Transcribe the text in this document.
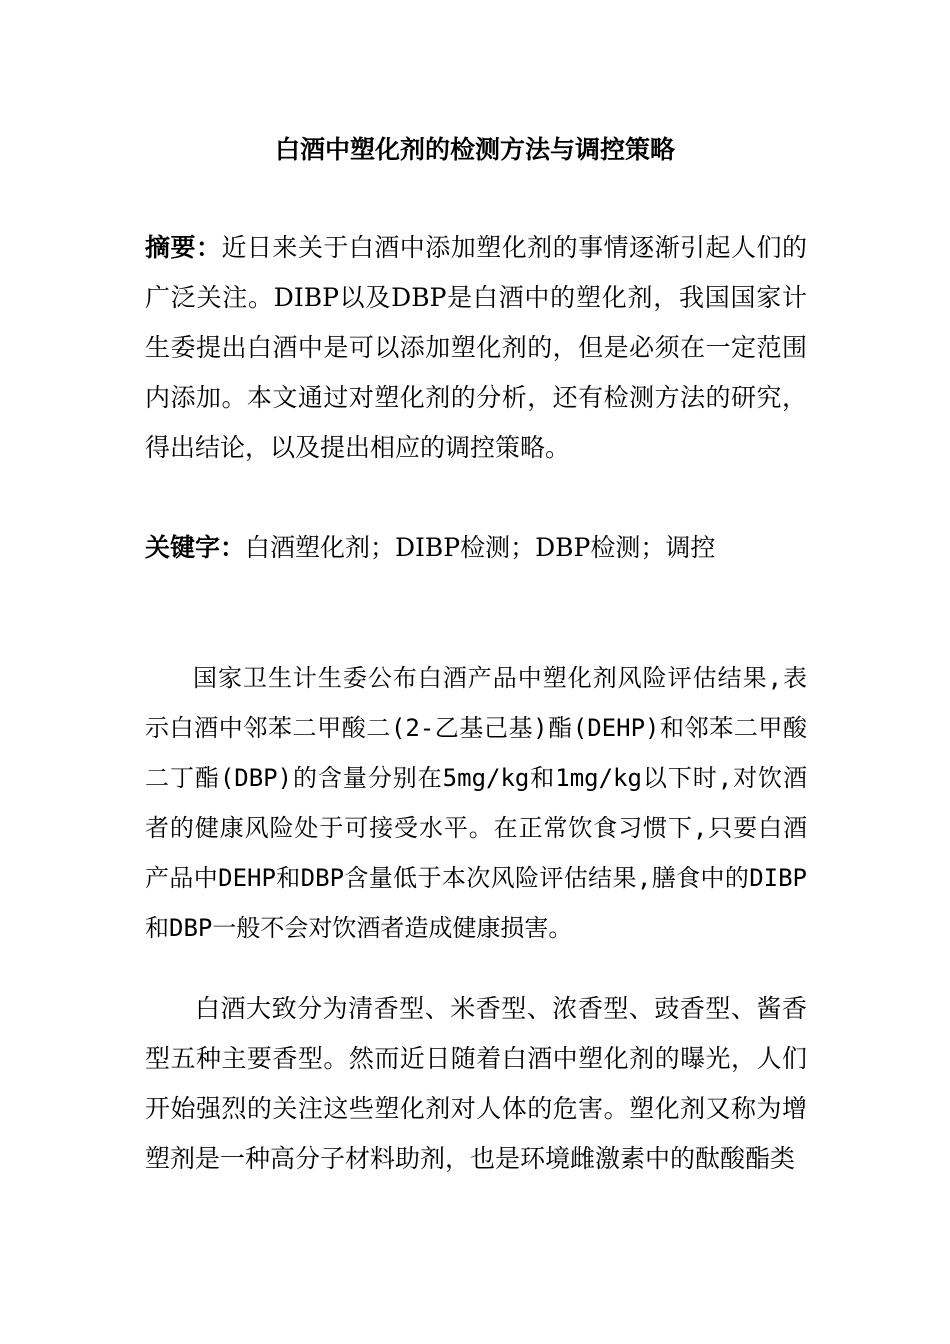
白酒中塑化剂的检测方法与调控策略

摘要：近日来关于白酒中添加塑化剂的事情逐渐引起人们的广泛关注。DIBP以及DBP是白酒中的塑化剂，我国国家计生委提出白酒中是可以添加塑化剂的，但是必须在一定范围内添加。本文通过对塑化剂的分析，还有检测方法的研究，得出结论，以及提出相应的调控策略。

关键字：白酒塑化剂；DIBP检测；DBP检测；调控

国家卫生计生委公布白酒产品中塑化剂风险评估结果,表示白酒中邻苯二甲酸二(2-乙基己基)酯(DEHP)和邻苯二甲酸二丁酯(DBP)的含量分别在5mg/kg和1mg/kg以下时,对饮酒者的健康风险处于可接受水平。在正常饮食习惯下,只要白酒产品中DEHP和DBP含量低于本次风险评估结果,膳食中的DIBP和DBP一般不会对饮酒者造成健康损害。

白酒大致分为清香型、米香型、浓香型、豉香型、酱香型五种主要香型。然而近日随着白酒中塑化剂的曝光，人们开始强烈的关注这些塑化剂对人体的危害。塑化剂又称为增塑剂是一种高分子材料助剂，也是环境雌激素中的酞酸酯类
